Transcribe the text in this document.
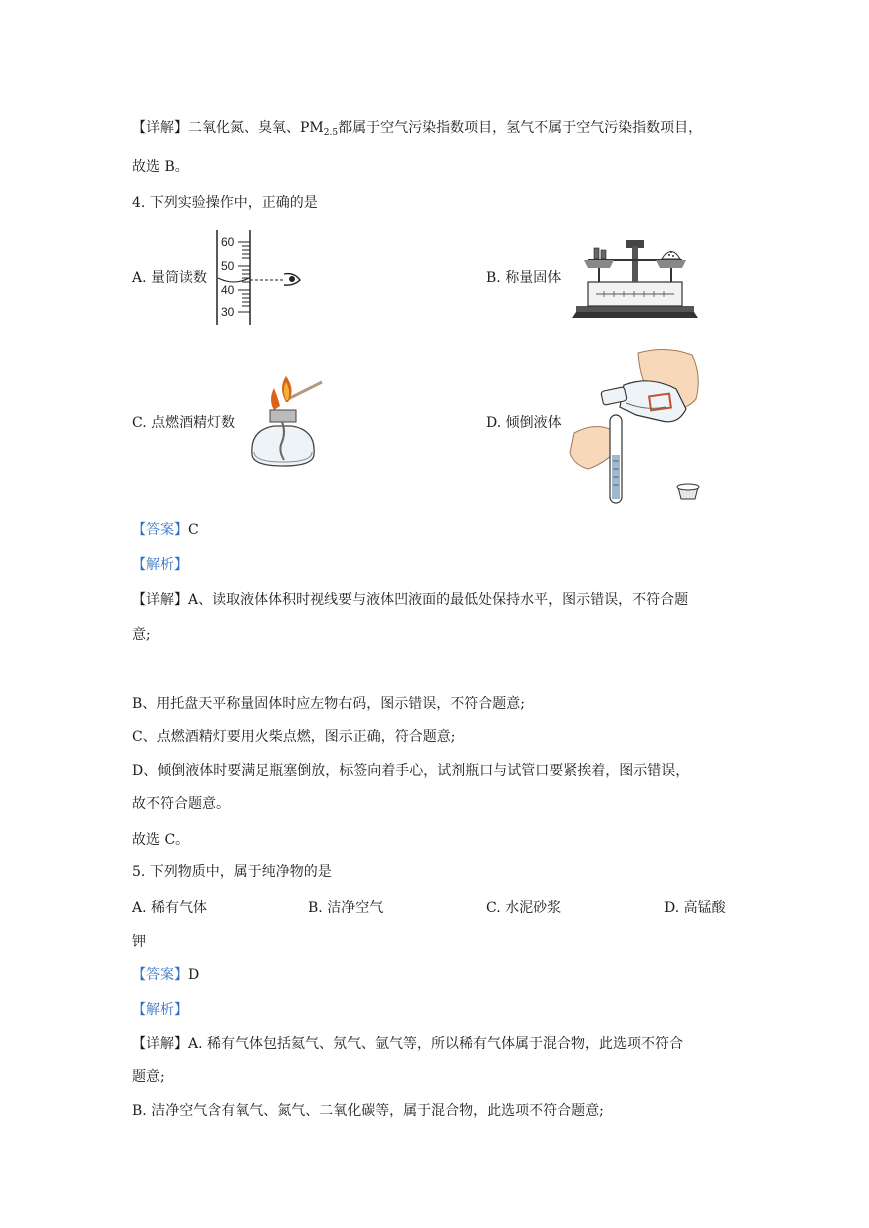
【详解】二氧化氮、臭氧、$PM_{2.5}$都属于空气污染指数项目，氢气不属于空气污染指数项目，
故选 B。
4. 下列实验操作中，正确的是
A. 量筒读数	B. 称量固体
C. 点燃酒精灯数	D. 倾倒液体
60
50
40
30
【答案】C
【解析】
【详解】A、读取液体体积时视线要与液体凹液面的最低处保持水平，图示错误，不符合题
意;
B、用托盘天平称量固体时应左物右码，图示错误，不符合题意;
C、点燃酒精灯要用火柴点燃，图示正确，符合题意;
D、倾倒液体时要满足瓶塞倒放，标签向着手心，试剂瓶口与试管口要紧挨着，图示错误，
故不符合题意。
故选 C。
5. 下列物质中，属于纯净物的是
A. 稀有气体	B. 洁净空气	C. 水泥砂浆	D. 高锰酸
钾
【答案】D
【解析】
【详解】A. 稀有气体包括氦气、氖气、氩气等，所以稀有气体属于混合物，此选项不符合
题意;
B. 洁净空气含有氧气、氮气、二氧化碳等，属于混合物，此选项不符合题意;
